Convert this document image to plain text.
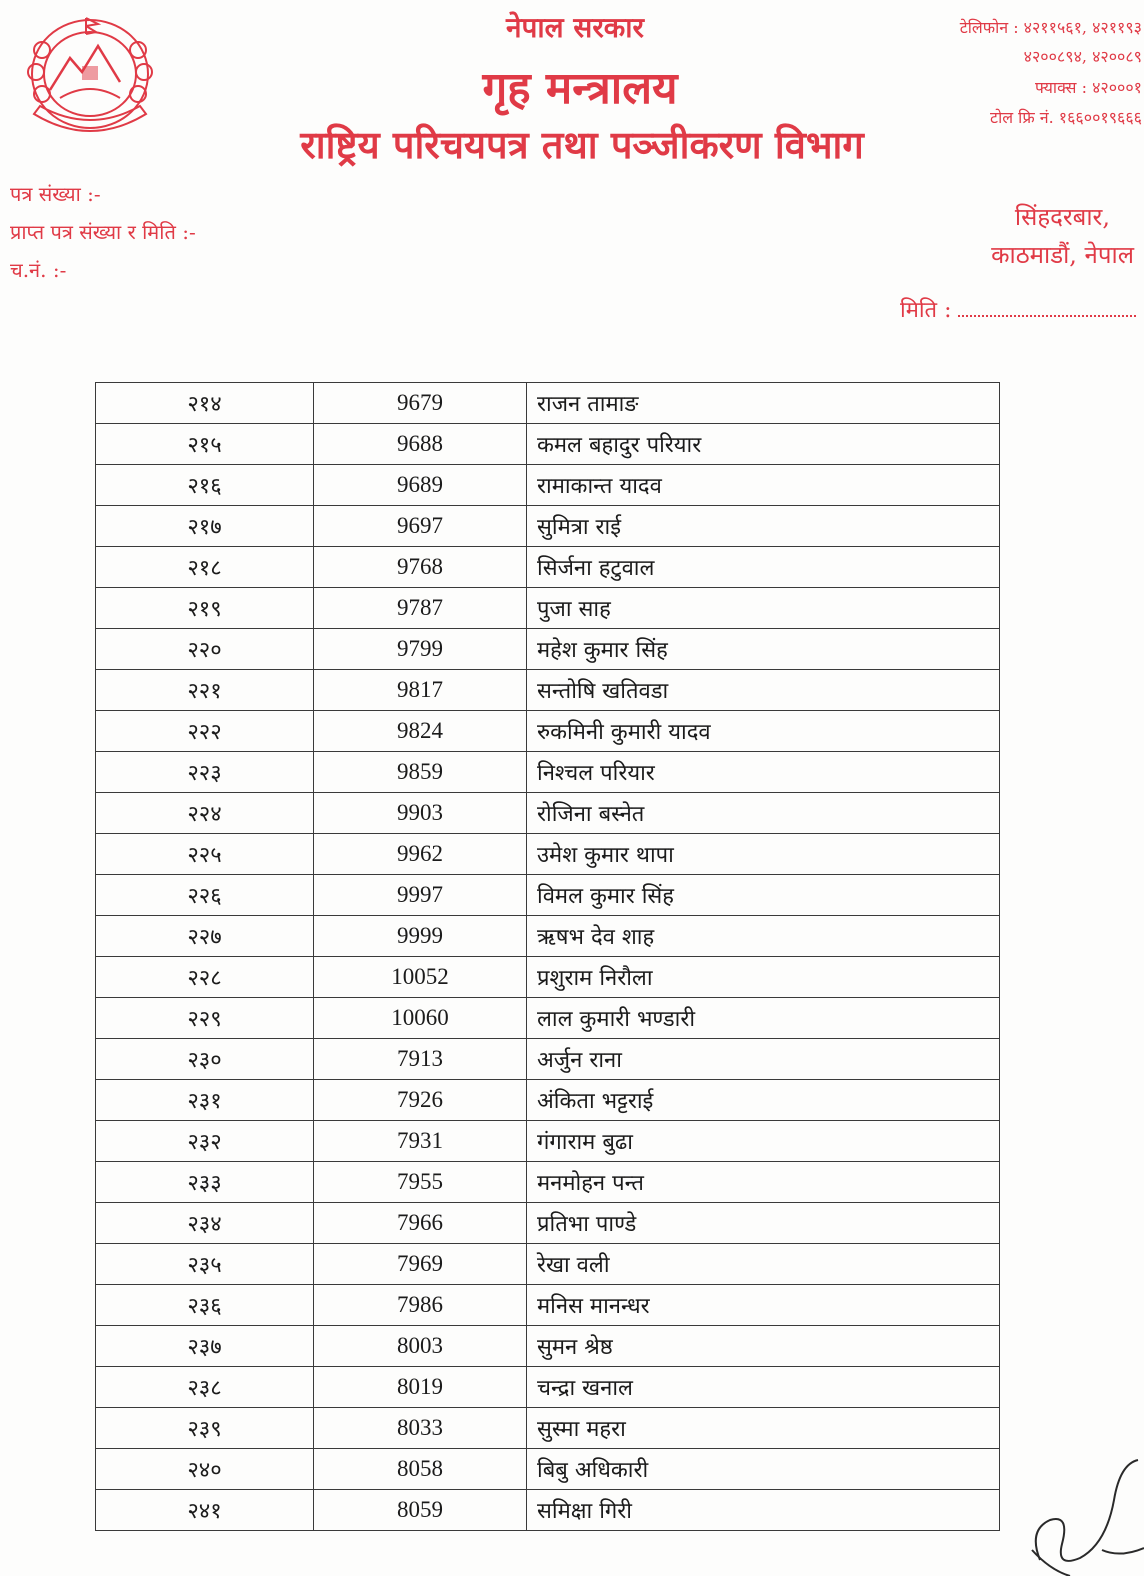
नेपाल सरकार
गृह मन्त्रालय
राष्ट्रिय परिचयपत्र तथा पञ्जीकरण विभाग
टेलिफोन : ४२११५६१, ४२११९३
४२००८९४, ४२००८९
फ्याक्स : ४२०००१
टोल फ्रि नं. १६६००१९६६६
पत्र संख्या :-
प्राप्त पत्र संख्या र मिति :-
च.नं. :-
सिंहदरबार,
काठमाडौं, नेपाल
मिति :
२१४	9679	राजन तामाङ
२१५	9688	कमल बहादुर परियार
२१६	9689	रामाकान्त यादव
२१७	9697	सुमित्रा राई
२१८	9768	सिर्जना हटुवाल
२१९	9787	पुजा साह
२२०	9799	महेश कुमार सिंह
२२१	9817	सन्तोषि खतिवडा
२२२	9824	रुकमिनी कुमारी यादव
२२३	9859	निश्चल परियार
२२४	9903	रोजिना बस्नेत
२२५	9962	उमेश कुमार थापा
२२६	9997	विमल कुमार सिंह
२२७	9999	ऋषभ देव शाह
२२८	10052	प्रशुराम निरौला
२२९	10060	लाल कुमारी भण्डारी
२३०	7913	अर्जुन राना
२३१	7926	अंकिता भट्टराई
२३२	7931	गंगाराम बुढा
२३३	7955	मनमोहन पन्त
२३४	7966	प्रतिभा पाण्डे
२३५	7969	रेखा वली
२३६	7986	मनिस मानन्धर
२३७	8003	सुमन श्रेष्ठ
२३८	8019	चन्द्रा खनाल
२३९	8033	सुस्मा महरा
२४०	8058	बिबु अधिकारी
२४१	8059	समिक्षा गिरी
